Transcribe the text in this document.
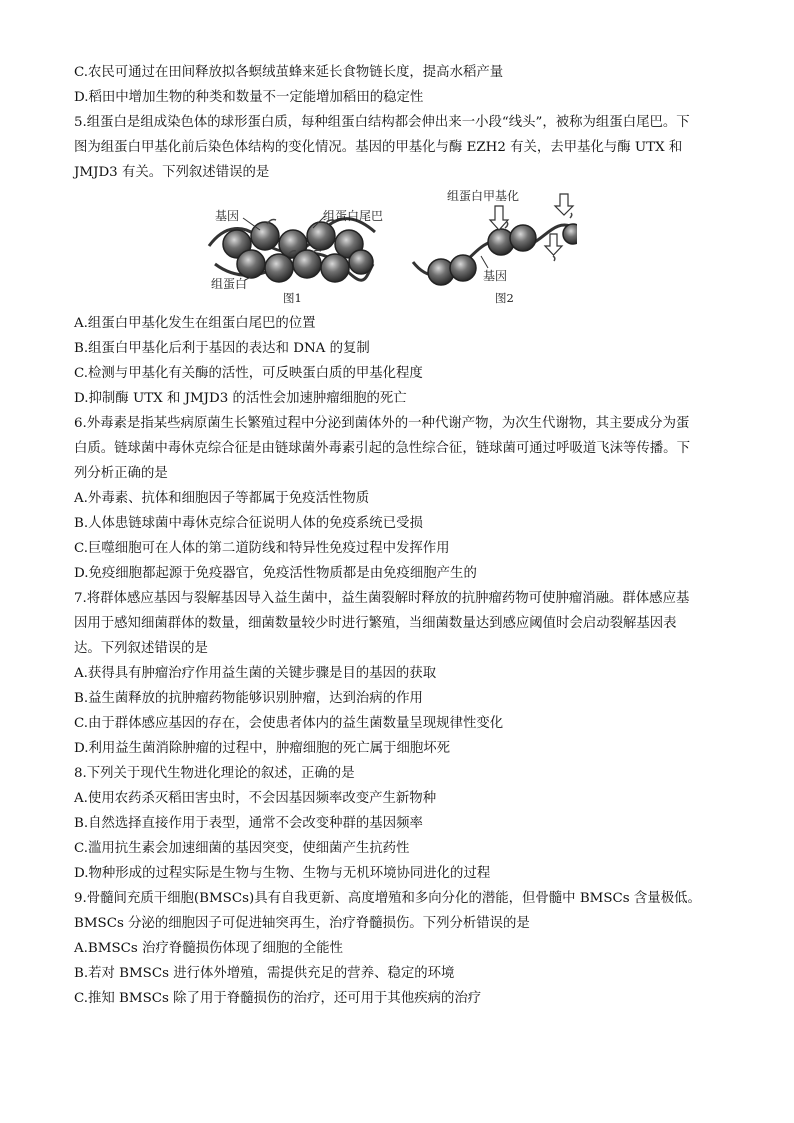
C.农民可通过在田间释放拟各螟绒茧蜂来延长食物链长度，提高水稻产量
D.稻田中增加生物的种类和数量不一定能增加稻田的稳定性
5.组蛋白是组成染色体的球形蛋白质，每种组蛋白结构都会伸出来一小段“线头”，被称为组蛋白尾巴。下
图为组蛋白甲基化前后染色体结构的变化情况。基因的甲基化与酶 EZH2 有关，去甲基化与酶 UTX 和
JMJD3 有关。下列叙述错误的是
基因	组蛋白尾巴
组蛋白
图1
组蛋白甲基化
基因
图2
A.组蛋白甲基化发生在组蛋白尾巴的位置
B.组蛋白甲基化后利于基因的表达和 DNA 的复制
C.检测与甲基化有关酶的活性，可反映蛋白质的甲基化程度
D.抑制酶 UTX 和 JMJD3 的活性会加速肿瘤细胞的死亡
6.外毒素是指某些病原菌生长繁殖过程中分泌到菌体外的一种代谢产物，为次生代谢物，其主要成分为蛋
白质。链球菌中毒休克综合征是由链球菌外毒素引起的急性综合征，链球菌可通过呼吸道飞沫等传播。下
列分析正确的是
A.外毒素、抗体和细胞因子等都属于免疫活性物质
B.人体患链球菌中毒休克综合征说明人体的免疫系统已受损
C.巨噬细胞可在人体的第二道防线和特异性免疫过程中发挥作用
D.免疫细胞都起源于免疫器官，免疫活性物质都是由免疫细胞产生的
7.将群体感应基因与裂解基因导入益生菌中，益生菌裂解时释放的抗肿瘤药物可使肿瘤消融。群体感应基
因用于感知细菌群体的数量，细菌数量较少时进行繁殖，当细菌数量达到感应阈值时会启动裂解基因表
达。下列叙述错误的是
A.获得具有肿瘤治疗作用益生菌的关键步骤是目的基因的获取
B.益生菌释放的抗肿瘤药物能够识别肿瘤，达到治病的作用
C.由于群体感应基因的存在，会使患者体内的益生菌数量呈现规律性变化
D.利用益生菌消除肿瘤的过程中，肿瘤细胞的死亡属于细胞坏死
8.下列关于现代生物进化理论的叙述，正确的是
A.使用农药杀灭稻田害虫时，不会因基因频率改变产生新物种
B.自然选择直接作用于表型，通常不会改变种群的基因频率
C.滥用抗生素会加速细菌的基因突变，使细菌产生抗药性
D.物种形成的过程实际是生物与生物、生物与无机环境协同进化的过程
9.骨髓间充质干细胞(BMSCs)具有自我更新、高度增殖和多向分化的潜能，但骨髓中 BMSCs 含量极低。
BMSCs 分泌的细胞因子可促进轴突再生，治疗脊髓损伤。下列分析错误的是
A.BMSCs 治疗脊髓损伤体现了细胞的全能性
B.若对 BMSCs 进行体外增殖，需提供充足的营养、稳定的环境
C.推知 BMSCs 除了用于脊髓损伤的治疗，还可用于其他疾病的治疗
